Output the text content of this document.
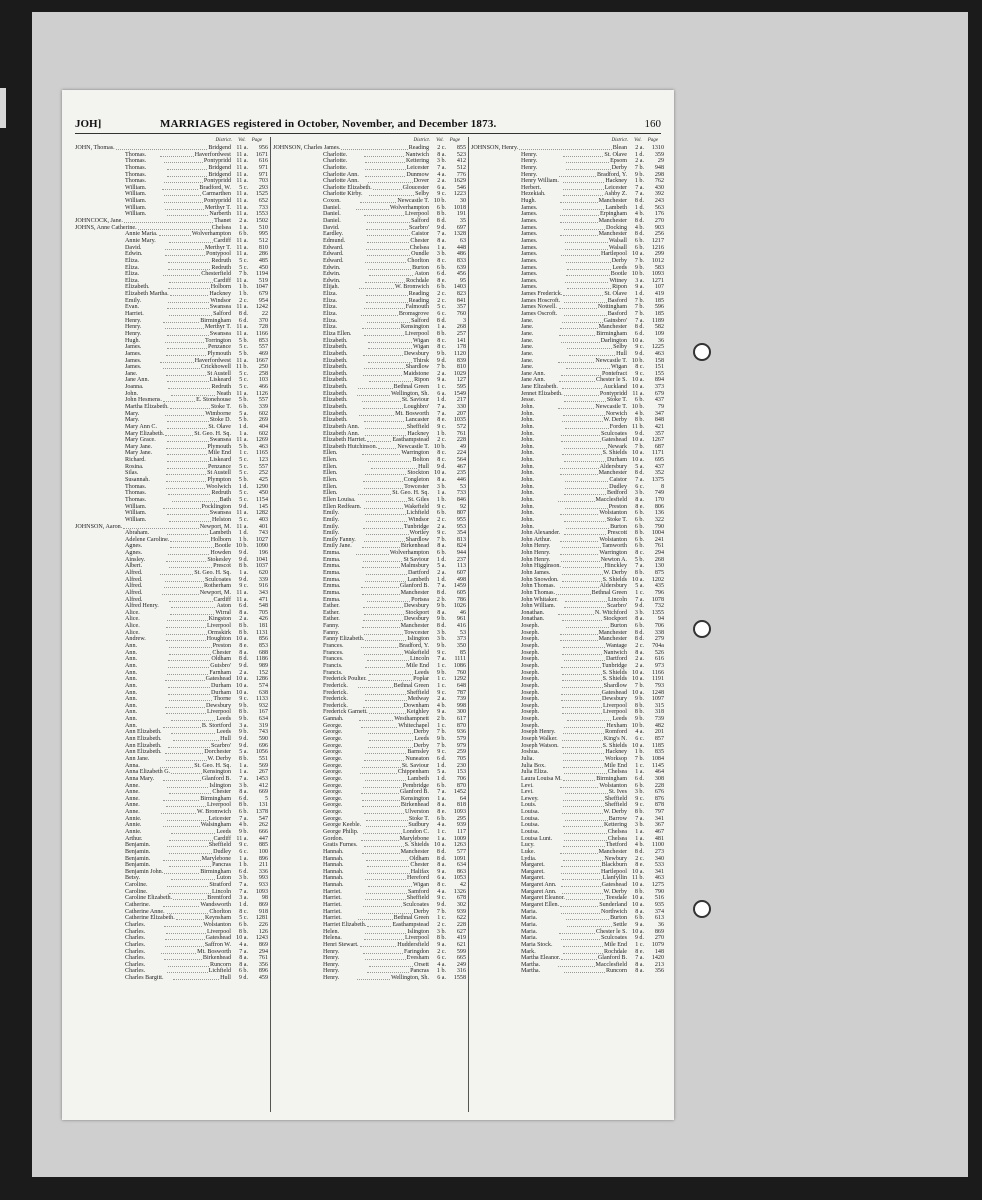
JOH]	MARRIAGES registered in October, November, and December 1873.	160
District. Vol. Page
JOHN, Thomas.	Bridgend 11 a.	956
Thomas.	Haverfordwest 11 a.	1671
Thomas.	Pontypridd 11 a.	616
Thomas.	Bridgend 11 a.	971
Thomas.	Bridgend 11 a.	971
Thomas.	Pontypridd 11 a.	703
William.	Bradford, W.	5 c.	293
William.	Carmarthen 11 a.	1525
William.	Pontypridd 11 a.	652
William.	Merthyr T. 11 a.	733
William.	Narberth 11 a.	1553
JOHNCOCK, Jane.	Thanet	2 a.	1502
JOHNS, Anne Catherine.	Chelsea	1 a.	510
Annie Maria.	Wolverhampton	6 b.	995
Annie Mary.	Cardiff 11 a.	512
David.	Merthyr T. 11 a.	810
Edwin.	Pontypool 11 a.	286
Eliza.	Redruth	5 c.	485
Eliza.	Redruth	5 c.	450
Eliza.	Chesterfield	7 b.	1194
Eliza.	Cardiff 11 a.	519
Elizabeth.	Holborn	1 b.	1047
Elizabeth Martha.	Hackney	1 b.	679
Emily.	Windsor	2 c.	954
Evan.	Swansea 11 a.	1242
Harriet.	Salford	8 d.	22
Henry.	Birmingham	6 d.	370
Henry.	Merthyr T. 11 a.	728
Henry.	Swansea 11 a.	1166
Hugh.	Torrington	5 b.	853
James.	Penzance	5 c.	557
James.	Plymouth	5 b.	469
James.	Haverfordwest 11 a.	1667
James.	Crickhowell 11 b.	250
Jane.	St Austell	5 c.	258
Jane Ann.	Liskeard	5 c.	103
Joanna.	Redruth	5 c.	466
John.	Neath 11 a.	1126
John Hesmens.	E. Stonehouse	5 b.	557
Martha Elizabeth.	Stoke T.	6 b.	339
Mary.	Wimborne	5 a.	602
Mary.	Stoke D.	5 b.	269
Mary Ann C.	St. Olave	1 d.	404
Mary Elizabeth.	St. Geo. H. Sq.	1 a.	602
Mary Grace.	Swansea 11 a.	1269
Mary Jane.	Plymouth	5 b.	463
Mary Jane.	Mile End	1 c.	1165
Richard.	Liskeard	5 c.	123
Rosina.	Penzance	5 c.	557
Silas.	St Austell	5 c.	252
Susannah.	Plympton	5 b.	425
Thomas.	Woolwich	1 d.	1290
Thomas.	Redruth	5 c.	450
Thomas.	Bath	5 c.	1154
William.	Pocklington	9 d.	145
William.	Swansea 11 a.	1282
William.	Helston	5 c.	403
JOHNSON, Aaron.	Newport, M. 11 a.	401
Abraham.	Lambeth	1 d.	743
Adelene Caroline.	Holborn	1 b.	1027
Agnes.	Bootle 10 b.	1090
Agnes.	Howden	9 d.	196
Ainsley.	Stokesley	9 d.	1041
Albert.	Prescot	8 b.	1037
Alfred.	St. Geo. H. Sq.	1 a.	620
Alfred.	Sculcoates	9 d.	339
Alfred.	Rotherham	9 c.	916
Alfred.	Newport, M. 11 a.	343
Alfred.	Cardiff 11 a.	471
Alfred Henry.	Aston	6 d.	548
Alice.	Wirral	8 a.	705
Alice.	Kingston	2 a.	426
Alice.	Liverpool	8 b.	181
Alice.	Ormskirk	8 b.	1131
Andrew.	Houghton 10 a.	856
Ann.	Preston	8 e.	853
Ann.	Chester	8 a.	688
Ann.	Oldham	8 d.	1186
Ann.	Guisbro'	9 d.	989
Ann.	Farnham	2 a.	152
Ann.	Gateshead 10 a.	1286
Ann.	Durham 10 a.	574
Ann.	Durham 10 a.	638
Ann.	Thorne	9 c.	1133
Ann.	Dewsbury	9 b.	932
Ann.	Liverpool	8 b.	167
Ann.	Leeds	9 b.	634
Ann.	B. Stortford	3 a.	319
Ann Elizabeth.	Leeds	9 b.	743
Ann Elizabeth.	Hull	9 d.	590
Ann Elizabeth.	Scarbro'	9 d.	696
Ann Elizabeth.	Dorchester	5 a.	1056
Ann Jane.	W. Derby	8 b.	551
Anna.	St. Geo. H. Sq.	1 a.	569
Anna Elizabeth G.	Kensington	1 a.	267
Anna Mary.	Glanford B.	7 a.	1453
Anne.	Islington	3 b.	412
Anne.	Chester	8 a.	669
Anne.	Birmingham	6 d.	5
Anne.	Liverpool	8 b.	131
Anne.	W. Bromwich	6 b.	1378
Annie.	Leicester	7 a.	547
Annie.	Walsingham	4 b.	262
Annie.	Leeds	9 b.	666
Arthur.	Cardiff 11 a.	447
Benjamin.	Sheffield	9 c.	885
Benjamin.	Dudley	6 c.	100
Benjamin.	Marylebone	1 a.	896
Benjamin.	Pancras	1 b.	211
Benjamin John.	Birmingham	6 d.	336
Betsy.	Luton	3 b.	993
Caroline.	Stratford	7 a.	933
Caroline.	Lincoln	7 a.	1093
Caroline Elizabeth.	Brentford	3 a.	98
Catherine.	Wandsworth	1 d.	869
Catherine Anne.	Chorlton	8 c.	918
Catherine Elizabeth.	Keynsham	5 c.	1281
Charles.	Wolstanton	6 b.	226
Charles.	Liverpool	8 b.	126
Charles.	Gateshead 10 a.	1243
Charles.	Saffron W.	4 a.	869
Charles.	Mt. Bosworth	7 a.	294
Charles.	Birkenhead	8 a.	761
Charles.	Runcorn	8 a.	356
Charles.	Lichfield	6 b.	896
Charles Bargitt.	Hull	9 d.	459
District. Vol. Page
JOHNSON, Charles James.	Reading	2 c.	855
Charlotte.	Nantwich	8 a.	523
Charlotte.	Kettering	3 b.	412
Charlotte.	Leicester	7 a.	512
Charlotte Ann.	Dunmow	4 a.	776
Charlotte Ann.	Dover	2 a.	1629
Charlotte Elizabeth.	Gloucester	6 a.	546
Charlotte Kirby.	Selby	9 c.	1223
Coxon.	Newcastle T. 10 b.	30
Daniel.	Wolverhampton	6 b.	1018
Daniel.	Liverpool	8 b.	191
Daniel.	Salford	8 d.	35
David.	Scarbro'	9 d.	697
Eardley.	Caistor	7 a.	1328
Edmund.	Chester	8 a.	63
Edward.	Chelsea	1 a.	448
Edward.	Oundle	3 b.	486
Edward.	Chorlton	8 c.	833
Edwin.	Burton	6 b.	639
Edwin.	Aston	6 d.	456
Edwin.	Rochdale	8 e.	95
Elijah.	W. Bromwich	6 b.	1403
Eliza.	Reading	2 c.	823
Eliza.	Reading	2 c.	841
Eliza.	Falmouth	5 c.	357
Eliza.	Bromsgrove	6 c.	760
Eliza.	Salford	8 d.	3
Eliza.	Kensington	1 a.	268
Eliza Ellen.	Liverpool	8 b.	257
Elizabeth.	Wigan	8 c.	141
Elizabeth.	Wigan	8 c.	178
Elizabeth.	Dewsbury	9 b.	1120
Elizabeth.	Thirsk	9 d.	839
Elizabeth.	Shardlow	7 b.	810
Elizabeth.	Maidstone	2 a.	1029
Elizabeth.	Ripon	9 a.	127
Elizabeth.	Bethnal Green	1 c.	595
Elizabeth.	Wellington, Sh.	6 a.	1549
Elizabeth.	St. Saviour	1 d.	217
Elizabeth.	Loughbro'	7 a.	330
Elizabeth.	Mt. Bosworth	7 a.	207
Elizabeth.	Lancaster	8 e.	1035
Elizabeth Ann.	Sheffield	9 c.	572
Elizabeth Ann.	Hackney	1 b.	761
Elizabeth Harriet.	Easthampstead	2 c.	228
Elizabeth Hutchinson.	Newcastle T. 10 b.	49
Ellen.	Warrington	8 c.	224
Ellen.	Bolton	8 c.	564
Ellen.	Hull	9 d.	467
Ellen.	Stockton 10 a.	235
Ellen.	Congleton	8 a.	446
Ellen.	Towcester	3 b.	53
Ellen.	St. Geo. H. Sq.	1 a.	733
Ellen Louisa.	St. Giles	1 b.	846
Ellen Redfearn.	Wakefield	9 c.	92
Emily.	Lichfield	6 b.	807
Emily.	Windsor	2 c.	955
Emily.	Tunbridge	2 a.	953
Emily.	Wortley	9 c.	354
Emily Fanny.	Shardlow	7 b.	813
Emily Jane.	Birkenhead	8 a.	824
Emma.	Wolverhampton	6 b.	944
Emma.	St Saviour	1 d.	237
Emma.	Malmsbury	5 a.	113
Emma.	Dartford	2 a.	607
Emma.	Lambeth	1 d.	498
Emma.	Glanford B.	7 a.	1459
Emma.	Manchester	8 d.	605
Emma.	Portsea	2 b.	786
Esther.	Dewsbury	9 b.	1026
Esther.	Stockport	8 a.	46
Esther.	Dewsbury	9 b.	961
Fanny.	Manchester	8 d.	416
Fanny.	Towcester	3 b.	53
Fanny Elizabeth.	Islington	3 b.	373
Frances.	Bradford, Y.	9 b.	350
Frances.	Wakefield	9 c.	85
Frances.	Lincoln	7 a.	1111
Francis.	Mile End	1 c.	1086
Francis.	Leeds	9 b.	760
Frederick Poulter.	Poplar	1 c.	1292
Frederick.	Bethnal Green	1 c.	648
Frederick.	Sheffield	9 c.	787
Frederick.	Medway	2 a.	739
Frederick.	Downham	4 b.	998
Frederick Garnett.	Keighley	9 a.	300
Gannah.	Westhampnett	2 b.	617
George.	Whitechapel	1 c.	870
George.	Derby	7 b.	936
George.	Leeds	9 b.	579
George.	Derby	7 b.	979
George.	Barnsley	9 c.	259
George.	Nuneaton	6 d.	705
George.	St. Saviour	1 d.	230
George.	Chippenham	5 a.	153
George.	Lambeth	1 d.	706
George.	Pembridge	6 b.	870
George.	Glanford B.	7 a.	1452
George.	Kensington	1 a.	64
George.	Birkenhead	8 a.	818
George.	Ulverston	8 e.	1093
George.	Stoke T.	6 b.	295
George Keeble.	Sudbury	4 a.	939
George Philip.	London C.	1 c.	117
Gordon.	Marylebone	1 a.	1009
Gratis Furnes.	S. Shields 10 a.	1263
Hannah.	Manchester	8 d.	577
Hannah.	Oldham	8 d.	1091
Hannah.	Chester	8 a.	634
Hannah.	Halifax	9 a.	863
Hannah.	Hereford	6 a.	1053
Hannah.	Wigan	8 c.	42
Harriet.	Samford	4 a.	1326
Harriet.	Sheffield	9 c.	678
Harriet.	Sculcoates	9 d.	302
Harriet.	Derby	7 b.	939
Harriet.	Bethnal Green	1 c.	622
Harriet Elizabeth.	Easthampstead	2 c.	228
Helen.	Islington	3 b.	627
Helena.	Liverpool	8 b.	419
Henri Stewart.	Huddersfield	9 a.	621
Henry.	Faringdon	2 c.	599
Henry.	Evesham	6 c.	665
Henry.	Orsett	4 a.	249
Henry.	Pancras	1 b.	316
Henry.	Wellington, Sh.	6 a.	1558
District. Vol. Page
JOHNSON, Henry.	Blean	2 a.	1310
Henry.	St. Olave	1 d.	359
Henry.	Epsom	2 a.	29
Henry.	Derby	7 b.	948
Henry.	Bradford, Y.	9 b.	298
Henry William.	Hackney	1 b.	762
Herbert.	Leicester	7 a.	430
Hezekiah.	Ashby Z.	7 a.	392
Hugh.	Manchester	8 d.	243
James.	Lambeth	1 d.	563
James.	Erpingham	4 b.	176
James.	Manchester	8 d.	270
James.	Docking	4 b.	903
James.	Manchester	8 d.	256
James.	Walsall	6 b.	1217
James.	Walsall	6 b.	1216
James.	Hartlepool 10 a.	299
James.	Derby	7 b.	1012
James.	Leeds	9 b.	583
James.	Bootle 10 b.	1093
James.	Witney	3 a.	1271
James.	Ripon	9 a.	107
James Frederick.	St. Olave	1 d.	419
James Hoscroft.	Basford	7 b.	185
James Nowell.	Nottingham	7 b.	596
James Oscroft.	Basford	7 b.	185
Jane.	Gainsbro'	7 a.	1189
Jane.	Manchester	8 d.	582
Jane.	Birmingham	6 d.	109
Jane.	Darlington 10 a.	36
Jane.	Selby	9 c.	1225
Jane.	Hull	9 d.	463
Jane.	Newcastle T. 10 b.	158
Jane.	Wigan	8 c.	151
Jane Ann.	Pontefract	9 c.	155
Jane Ann.	Chester le S. 10 a.	894
Jane Elizabeth.	Auckland 10 a.	373
Jennet Elizabeth.	Pontypridd 11 a.	679
Jesse.	Stoke T.	6 b.	437
John.	Newcastle T. 10 b.	79
John.	Norwich	4 b.	347
John.	W. Derby	8 b.	848
John.	Forden 11 b.	421
John.	Sculcoates	9 d.	357
John.	Gateshead 10 a.	1267
John.	Newark	7 b.	687
John.	S. Shields 10 a.	1171
John.	Durham 10 a.	695
John.	Aldersbury	5 a.	437
John.	Manchester	8 d.	352
John.	Caistor	7 a.	1375
John.	Dudley	6 c.	8
John.	Bedford	3 b.	749
John.	Macclesfield	8 a.	170
John.	Preston	8 e.	806
John.	Wolstanton	6 b.	136
John.	Stoke T.	6 b.	322
John.	Burton	6 b.	790
John Alexander.	Prescott	8 b.	1004
John Arthur.	Wolstanton	6 b.	241
John Henry.	Tamworth	6 b.	761
John Henry.	Warrington	8 c.	294
John Henry.	Newton A.	5 b.	268
John Higginson.	Hinckley	7 a.	130
John James.	W. Derby	8 b.	875
John Snowdon.	S. Shields 10 a.	1202
John Thomas.	Aldersbury	5 a.	435
John Thomas.	Bethnal Green	1 c.	796
John Whitaker.	Lincoln	7 a.	1078
John William.	Scarbro'	9 d.	732
Jonathan.	N. Witchford	3 b.	1355
Jonathan.	Stockport	8 a.	94
Joseph.	Burton	6 b.	706
Joseph.	Manchester	8 d.	338
Joseph.	Manchester	8 d.	279
Joseph.	Wantage	2 c.	704a
Joseph.	Nantwich	8 a.	526
Joseph.	Dartford	2 a.	616
Joseph.	Tunbridge	2 a.	973
Joseph.	S. Shields 10 a.	1166
Joseph.	S. Shields 10 a.	1191
Joseph.	Shardlow	7 b.	793
Joseph.	Gateshead 10 a.	1248
Joseph.	Dewsbury	9 b.	1097
Joseph.	Liverpool	8 b.	315
Joseph.	Liverpool	8 b.	318
Joseph.	Leeds	9 b.	739
Joseph.	Hexham 10 b.	482
Joseph Henry.	Romford	4 a.	201
Joseph Walker.	King's N.	6 c.	857
Joseph Watson.	S. Shields 10 a.	1185
Joshua.	Hackney	1 b.	835
Julia.	Worksop	7 b.	1084
Julia Box.	Mile End	1 c.	1145
Julia Eliza.	Chelsea	1 a.	464
Laura Louisa M.	Birmingham	6 d.	308
Levi.	Wolstanton	6 b.	228
Levi.	St. Ives	3 b.	676
Lewey.	Sheffield	9 c.	876
Louis.	Sheffield	9 c.	878
Louisa.	W. Derby	8 b.	797
Louisa.	Barrow	7 a.	341
Louisa.	Kettering	3 b.	367
Louisa.	Chelsea	1 a.	467
Louisa Lunt.	Chelsea	1 a.	481
Lucy.	Thetford	4 b.	1100
Luke.	Manchester	8 d.	273
Lydia.	Newbury	2 c.	340
Margaret.	Blackburn	8 e.	533
Margaret.	Hartlepool 10 a.	341
Margaret.	Llanfyllin 11 b.	463
Margaret Ann.	Gateshead 10 a.	1275
Margaret Ann.	W. Derby	8 b.	790
Margaret Eleanor.	Teesdale 10 a.	516
Margaret Ellen.	Sunderland 10 a.	935
Maria.	Northwich	8 a.	374
Maria.	Burton	6 b.	613
Maria.	Settle	9 a.	36
Maria.	Chester le S. 10 a.	869
Maria.	Sculcoates	9 d.	270
Maria Stock.	Mile End	1 c.	1079
Mark.	Rochdale	8 e.	148
Martha Eleanor.	Glanford B.	7 a.	1420
Martha.	Macclesfield	8 a.	213
Martha.	Runcorn	8 a.	356
